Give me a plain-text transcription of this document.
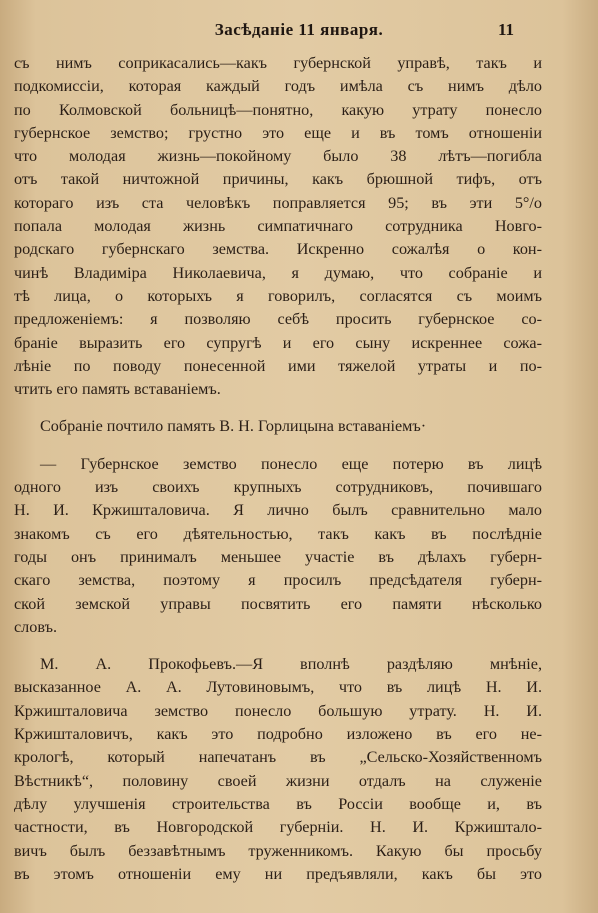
Засѣданіе 11 января.	11
съ нимъ соприкасались—какъ губернской управѣ, такъ и
подкомиссіи, которая каждый годъ имѣла съ нимъ дѣло
по Колмовской больницѣ—понятно, какую утрату понесло
губернское земство; грустно это еще и въ томъ отношеніи
что молодая жизнь—покойному было 38 лѣтъ—погибла
отъ такой ничтожной причины, какъ брюшной тифъ, отъ
котораго изъ ста человѣкъ поправляется 95; въ эти 5°/o
попала молодая жизнь симпатичнаго сотрудника Новго-
родскаго губернскаго земства. Искренно сожалѣя о кон-
чинѣ Владиміра Николаевича, я думаю, что собраніе и
тѣ лица, о которыхъ я говорилъ, согласятся съ моимъ
предложеніемъ: я позволяю себѣ просить губернское со-
браніе выразить его супругѣ и его сыну искреннее сожа-
лѣніе по поводу понесенной ими тяжелой утраты и по-
чтить его память вставаніемъ.
Собраніе почтило память В. Н. Горлицына вставаніемъ·
— Губернское земство понесло еще потерю въ лицѣ
одного изъ своихъ крупныхъ сотрудниковъ, почившаго
Н. И. Кржишталовича. Я лично былъ сравнительно мало
знакомъ съ его дѣятельностью, такъ какъ въ послѣдніе
годы онъ принималъ меньшее участіе въ дѣлахъ губерн-
скаго земства, поэтому я просилъ предсѣдателя губерн-
ской земской управы посвятить его памяти нѣсколько
словъ.
М. А. Прокофьевъ.—Я вполнѣ раздѣляю мнѣніе,
высказанное А. А. Лутовиновымъ, что въ лицѣ Н. И.
Кржишталовича земство понесло большую утрату. Н. И.
Кржишталовичъ, какъ это подробно изложено въ его не-
крологѣ, который напечатанъ въ „Сельско-Хозяйственномъ
Вѣстникѣ“, половину своей жизни отдалъ на служеніе
дѣлу улучшенія строительства въ Россіи вообще и, въ
частности, въ Новгородской губерніи. Н. И. Кржишталo-
вичъ былъ беззавѣтнымъ труженникомъ. Какую бы просьбу
въ этомъ отношеніи ему ни предъявляли, какъ бы это
